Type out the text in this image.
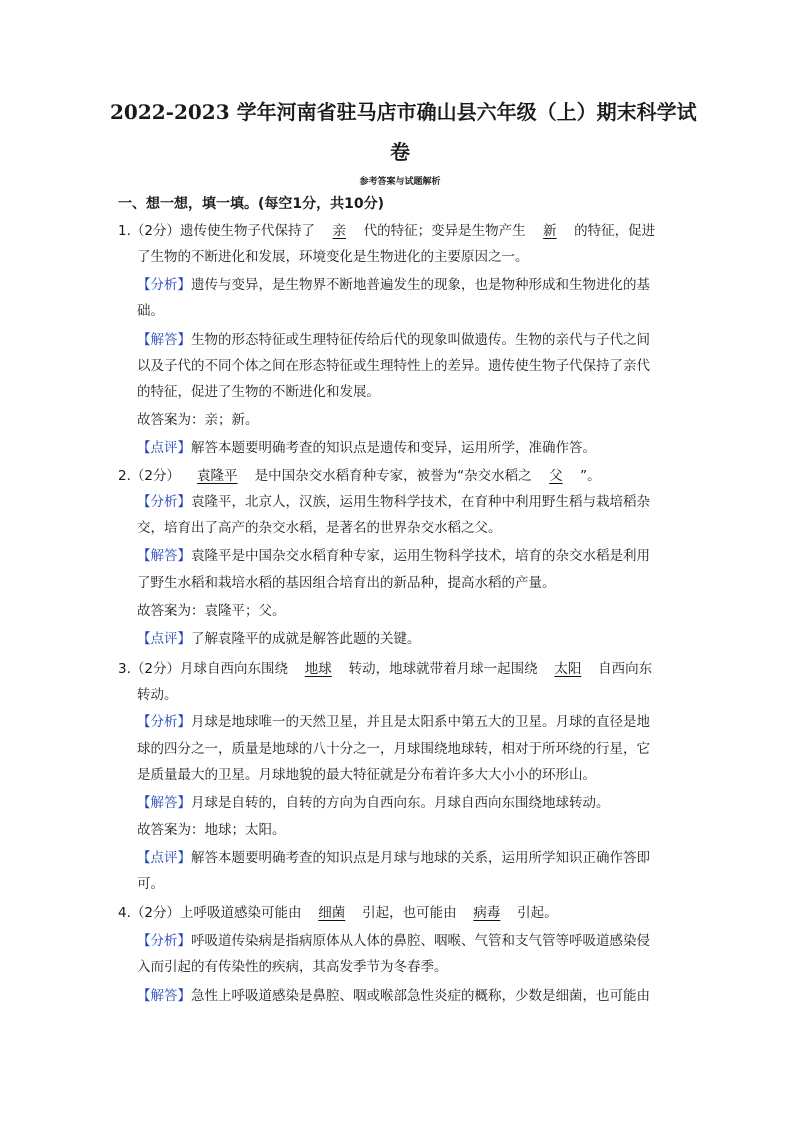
2022-2023 学年河南省驻马店市确山县六年级（上）期末科学试
卷
参考答案与试题解析
一、想一想，填一填。(每空1分，共10分)
1.（2分）遗传使生物子代保持了 亲 代的特征；变异是生物产生 新 的特征，促进
了生物的不断进化和发展，环境变化是生物进化的主要原因之一。
【分析】遗传与变异，是生物界不断地普遍发生的现象，也是物种形成和生物进化的基
础。
【解答】生物的形态特征或生理特征传给后代的现象叫做遗传。生物的亲代与子代之间
以及子代的不同个体之间在形态特征或生理特性上的差异。遗传使生物子代保持了亲代
的特征，促进了生物的不断进化和发展。
故答案为：亲；新。
【点评】解答本题要明确考查的知识点是遗传和变异，运用所学，准确作答。
2.（2分） 袁隆平 是中国杂交水稻育种专家，被誉为“杂交水稻之 父 ”。
【分析】袁隆平，北京人，汉族，运用生物科学技术，在育种中利用野生稻与栽培稻杂
交，培育出了高产的杂交水稻，是著名的世界杂交水稻之父。
【解答】袁隆平是中国杂交水稻育种专家，运用生物科学技术，培育的杂交水稻是利用
了野生水稻和栽培水稻的基因组合培育出的新品种，提高水稻的产量。
故答案为：袁隆平；父。
【点评】了解袁隆平的成就是解答此题的关键。
3.（2分）月球自西向东围绕 地球 转动，地球就带着月球一起围绕 太阳 自西向东
转动。
【分析】月球是地球唯一的天然卫星，并且是太阳系中第五大的卫星。月球的直径是地
球的四分之一，质量是地球的八十分之一，月球围绕地球转，相对于所环绕的行星，它
是质量最大的卫星。月球地貌的最大特征就是分布着许多大大小小的环形山。
【解答】月球是自转的，自转的方向为自西向东。月球自西向东围绕地球转动。
故答案为：地球；太阳。
【点评】解答本题要明确考查的知识点是月球与地球的关系，运用所学知识正确作答即
可。
4.（2分）上呼吸道感染可能由 细菌 引起，也可能由 病毒 引起。
【分析】呼吸道传染病是指病原体从人体的鼻腔、咽喉、气管和支气管等呼吸道感染侵
入而引起的有传染性的疾病，其高发季节为冬春季。
【解答】急性上呼吸道感染是鼻腔、咽或喉部急性炎症的概称，少数是细菌，也可能由
